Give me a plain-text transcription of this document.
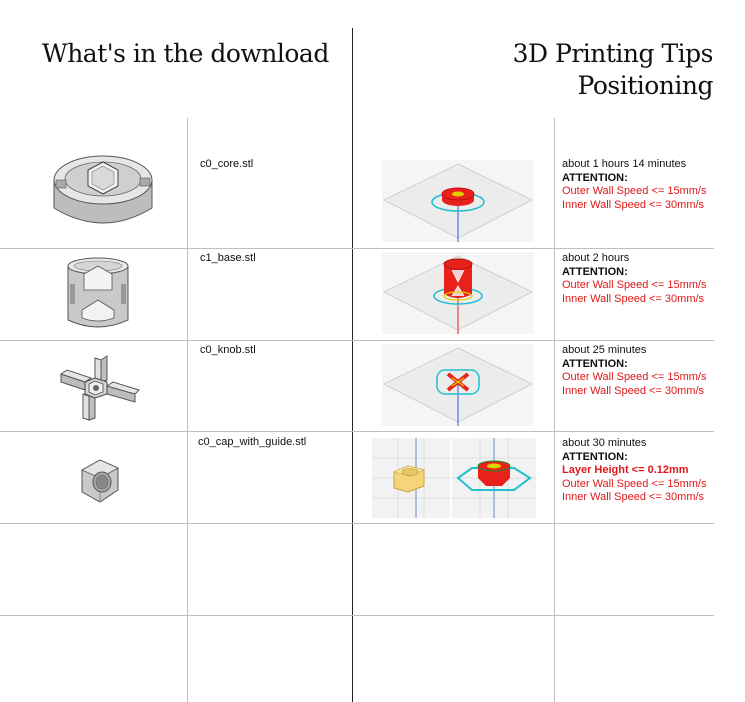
What's in the download	3D Printing Tips
Positioning
c0_core.stl	about 1 hours 14 minutes
ATTENTION:
Outer Wall Speed <= 15mm/s
Inner Wall Speed <= 30mm/s
c1_base.stl	about 2 hours
ATTENTION:
Outer Wall Speed <= 15mm/s
Inner Wall Speed <= 30mm/s
c0_knob.stl	about 25 minutes
ATTENTION:
Outer Wall Speed <= 15mm/s
Inner Wall Speed <= 30mm/s
c0_cap_with_guide.stl	about 30 minutes
ATTENTION:
Layer Height <= 0.12mm
Outer Wall Speed <= 15mm/s
Inner Wall Speed <= 30mm/s
